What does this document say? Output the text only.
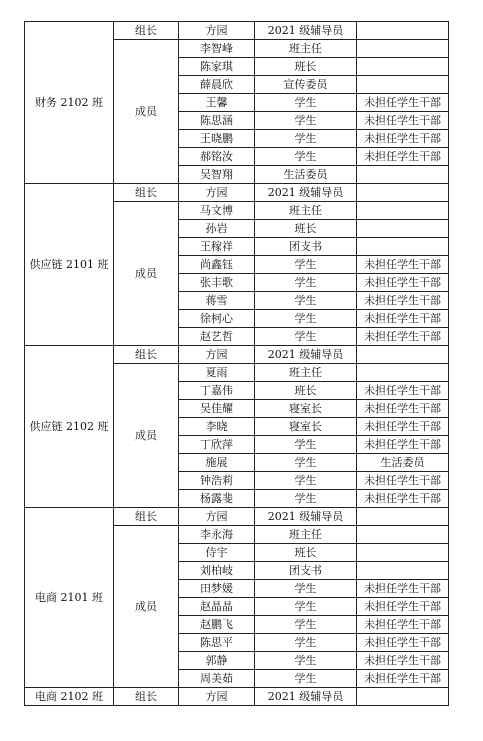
财务 2102 班	组长	方园	2021 级辅导员	
	成员	李智峰	班主任	
		陈家琪	班长	
		薛晨欣	宣传委员	
		王馨	学生	未担任学生干部
		陈思涵	学生	未担任学生干部
		王晓鹏	学生	未担任学生干部
		郝铭汝	学生	未担任学生干部
		吴智翔	生活委员	
供应链 2101 班	组长	方园	2021 级辅导员	
	成员	马文博	班主任	
		孙岩	班长	
		王稼祥	团支书	
		尚鑫钰	学生	未担任学生干部
		张丰歌	学生	未担任学生干部
		蒋雪	学生	未担任学生干部
		徐柯心	学生	未担任学生干部
		赵艺哲	学生	未担任学生干部
供应链 2102 班	组长	方园	2021 级辅导员	
	成员	夏雨	班主任	
		丁嘉伟	班长	未担任学生干部
		吴佳耀	寝室长	未担任学生干部
		李晓	寝室长	未担任学生干部
		丁欣萍	学生	未担任学生干部
		施展	学生	生活委员
		钟浩莉	学生	未担任学生干部
		杨露斐	学生	未担任学生干部
电商 2101 班	组长	方园	2021 级辅导员	
	成员	李永海	班主任	
		侍宇	班长	
		刘柏岐	团支书	
		田梦媛	学生	未担任学生干部
		赵晶晶	学生	未担任学生干部
		赵鹏飞	学生	未担任学生干部
		陈思平	学生	未担任学生干部
		郭静	学生	未担任学生干部
		周美茹	学生	未担任学生干部
电商 2102 班	组长	方园	2021 级辅导员	
